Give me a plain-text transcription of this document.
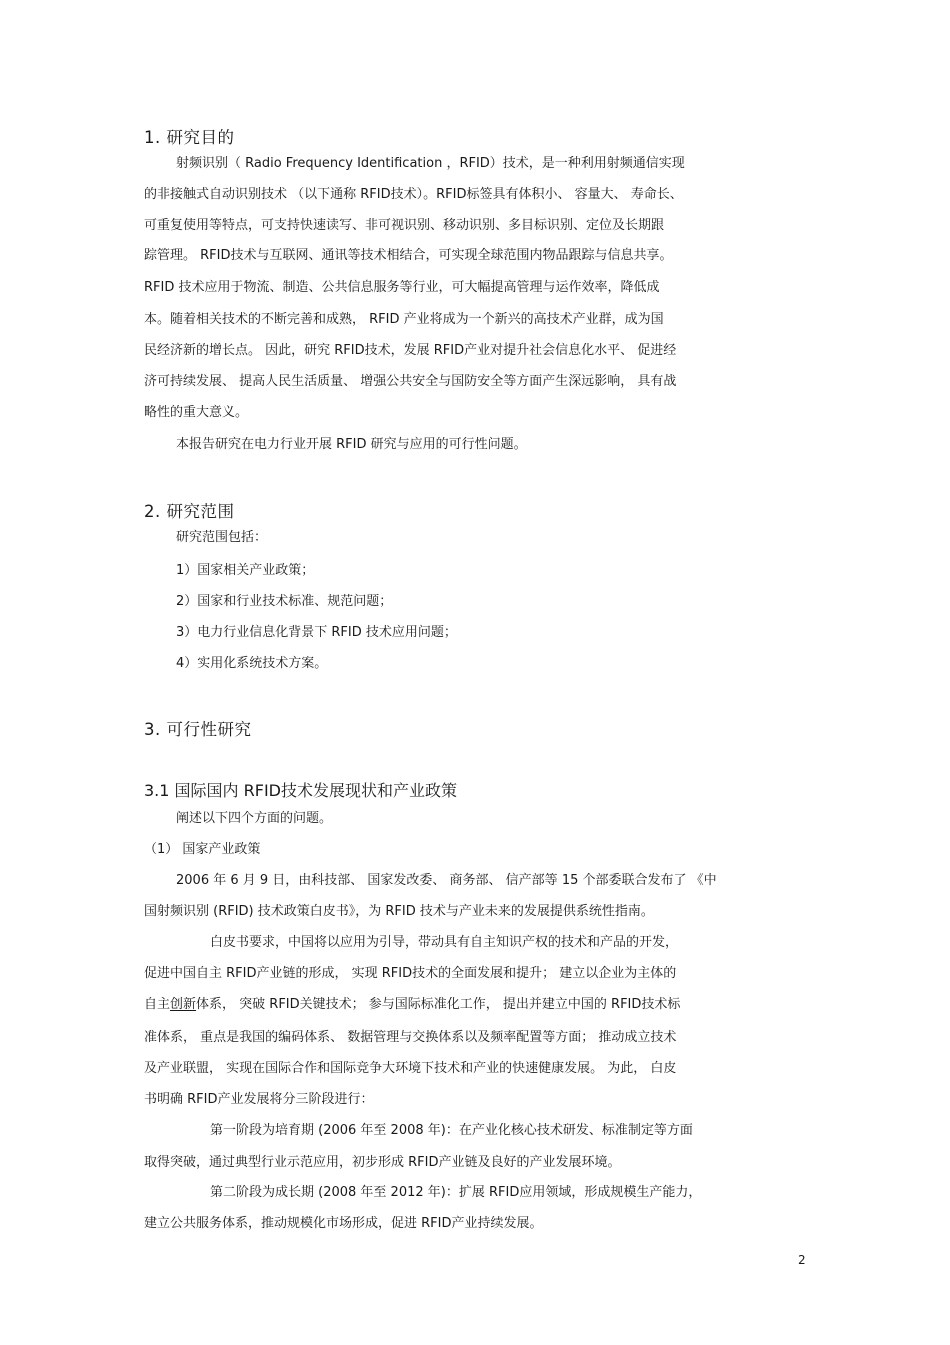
1. 研究目的
射频识别（ Radio Frequency Identification ，RFID）技术，是一种利用射频通信实现
的非接触式自动识别技术 （以下通称 RFID技术）。RFID标签具有体积小、 容量大、 寿命长、
可重复使用等特点，可支持快速读写、非可视识别、移动识别、多目标识别、定位及长期跟
踪管理。 RFID技术与互联网、通讯等技术相结合，可实现全球范围内物品跟踪与信息共享。
RFID 技术应用于物流、制造、公共信息服务等行业，可大幅提高管理与运作效率，降低成
本。随着相关技术的不断完善和成熟， RFID 产业将成为一个新兴的高技术产业群，成为国
民经济新的增长点。 因此，研究 RFID技术，发展 RFID产业对提升社会信息化水平、 促进经
济可持续发展、 提高人民生活质量、 增强公共安全与国防安全等方面产生深远影响， 具有战
略性的重大意义。
本报告研究在电力行业开展 RFID 研究与应用的可行性问题。
2. 研究范围
研究范围包括：
1）国家相关产业政策；
2）国家和行业技术标准、规范问题；
3）电力行业信息化背景下 RFID 技术应用问题；
4）实用化系统技术方案。
3. 可行性研究
3.1 国际国内 RFID技术发展现状和产业政策
阐述以下四个方面的问题。
（1） 国家产业政策
2006 年 6 月 9 日，由科技部、 国家发改委、 商务部、 信产部等 15 个部委联合发布了 《中
国射频识别 (RFID) 技术政策白皮书》，为 RFID 技术与产业未来的发展提供系统性指南。
白皮书要求，中国将以应用为引导，带动具有自主知识产权的技术和产品的开发，
促进中国自主 RFID产业链的形成， 实现 RFID技术的全面发展和提升； 建立以企业为主体的
自主创新体系， 突破 RFID关键技术； 参与国际标准化工作， 提出并建立中国的 RFID技术标
准体系， 重点是我国的编码体系、 数据管理与交换体系以及频率配置等方面； 推动成立技术
及产业联盟， 实现在国际合作和国际竞争大环境下技术和产业的快速健康发展。 为此， 白皮
书明确 RFID产业发展将分三阶段进行：
第一阶段为培育期 (2006 年至 2008 年)：在产业化核心技术研发、标准制定等方面
取得突破，通过典型行业示范应用，初步形成 RFID产业链及良好的产业发展环境。
第二阶段为成长期 (2008 年至 2012 年)：扩展 RFID应用领域，形成规模生产能力，
建立公共服务体系，推动规模化市场形成，促进 RFID产业持续发展。
2
